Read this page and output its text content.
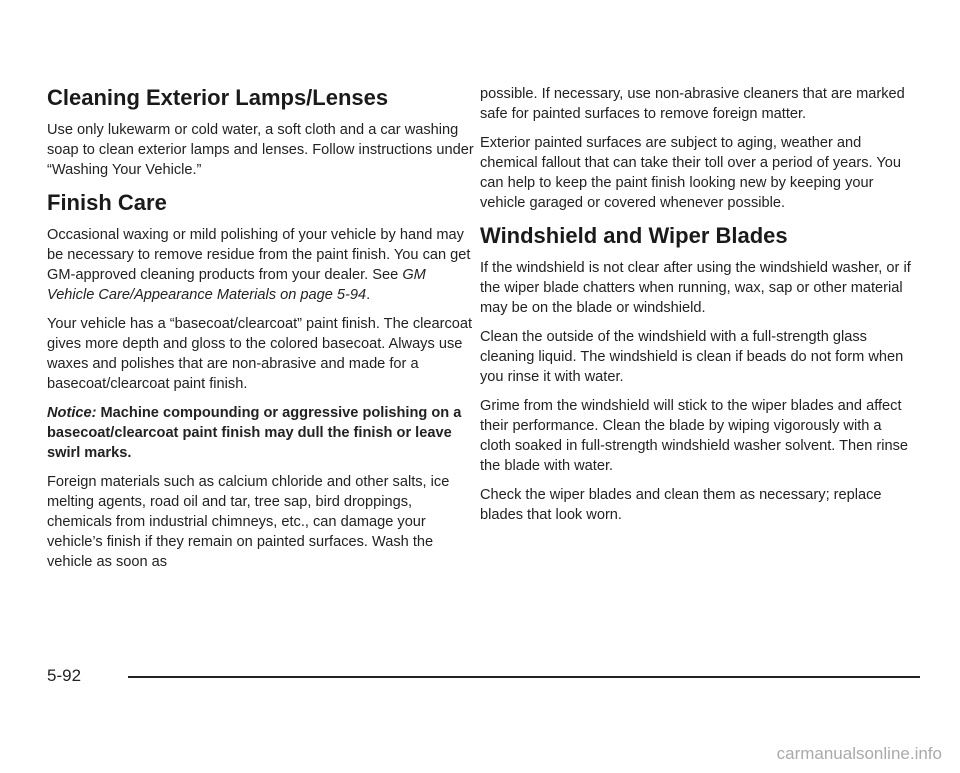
Cleaning Exterior Lamps/Lenses

Use only lukewarm or cold water, a soft cloth and a car washing soap to clean exterior lamps and lenses. Follow instructions under “Washing Your Vehicle.”

Finish Care

Occasional waxing or mild polishing of your vehicle by hand may be necessary to remove residue from the paint finish. You can get GM-approved cleaning products from your dealer. See GM Vehicle Care/Appearance Materials on page 5-94.

Your vehicle has a “basecoat/clearcoat” paint finish. The clearcoat gives more depth and gloss to the colored basecoat. Always use waxes and polishes that are non-abrasive and made for a basecoat/clearcoat paint finish.

Notice: Machine compounding or aggressive polishing on a basecoat/clearcoat paint finish may dull the finish or leave swirl marks.

Foreign materials such as calcium chloride and other salts, ice melting agents, road oil and tar, tree sap, bird droppings, chemicals from industrial chimneys, etc., can damage your vehicle’s finish if they remain on painted surfaces. Wash the vehicle as soon as

possible. If necessary, use non-abrasive cleaners that are marked safe for painted surfaces to remove foreign matter.

Exterior painted surfaces are subject to aging, weather and chemical fallout that can take their toll over a period of years. You can help to keep the paint finish looking new by keeping your vehicle garaged or covered whenever possible.

Windshield and Wiper Blades

If the windshield is not clear after using the windshield washer, or if the wiper blade chatters when running, wax, sap or other material may be on the blade or windshield.

Clean the outside of the windshield with a full-strength glass cleaning liquid. The windshield is clean if beads do not form when you rinse it with water.

Grime from the windshield will stick to the wiper blades and affect their performance. Clean the blade by wiping vigorously with a cloth soaked in full-strength windshield washer solvent. Then rinse the blade with water.

Check the wiper blades and clean them as necessary; replace blades that look worn.

5-92
carmanualsonline.info
